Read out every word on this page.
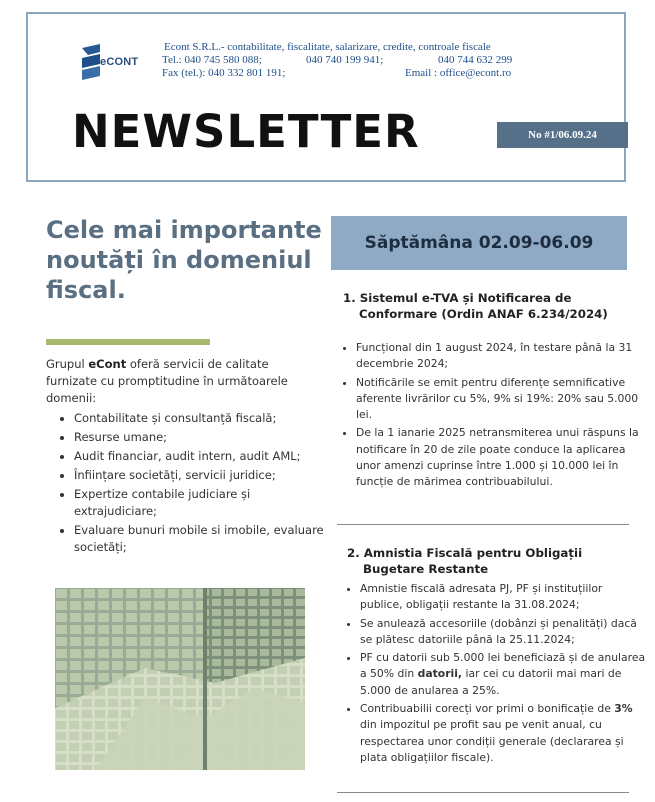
eCONT
Econt S.R.L.- contabilitate, fiscalitate, salarizare, credite, controale fiscale
Tel.: 040 745 580 088;	040 740 199 941;	040 744 632 299
Fax (tel.): 040 332 801 191;	Email : office@econt.ro
NEWSLETTER	No #1/06.09.24
Cele mai importante noutăți în domeniul fiscal.
Grupul eCont oferă servicii de calitate furnizate cu promptitudine în următoarele domenii:
• Contabilitate și consultanță fiscală;
• Resurse umane;
• Audit financiar, audit intern, audit AML;
• Înființare societăți, servicii juridice;
• Expertize contabile judiciare și extrajudiciare;
• Evaluare bunuri mobile si imobile, evaluare societăți;
Săptămâna 02.09-06.09
1. Sistemul e-TVA și Notificarea de Conformare (Ordin ANAF 6.234/2024)
• Funcțional din 1 august 2024, în testare până la 31 decembrie 2024;
• Notificările se emit pentru diferențe semnificative aferente livrărilor cu 5%, 9% si 19%: 20% sau 5.000 lei.
• De la 1 ianarie 2025 netransmiterea unui răspuns la notificare în 20 de zile poate conduce la aplicarea unor amenzi cuprinse între 1.000 și 10.000 lei în funcție de mărimea contribuabilului.
2. Amnistia Fiscală pentru Obligații Bugetare Restante
• Amnistie fiscală adresata PJ, PF și instituțiilor publice, obligații restante la 31.08.2024;
• Se anulează accesoriile (dobânzi și penalități) dacă se plătesc datoriile până la 25.11.2024;
• PF cu datorii sub 5.000 lei beneficiază și de anularea a 50% din datorii, iar cei cu datorii mai mari de 5.000 de anularea a 25%.
• Contribuabilii corecți vor primi o bonificație de 3% din impozitul pe profit sau pe venit anual, cu respectarea unor condiții generale (declararea și plata obligațiilor fiscale).
